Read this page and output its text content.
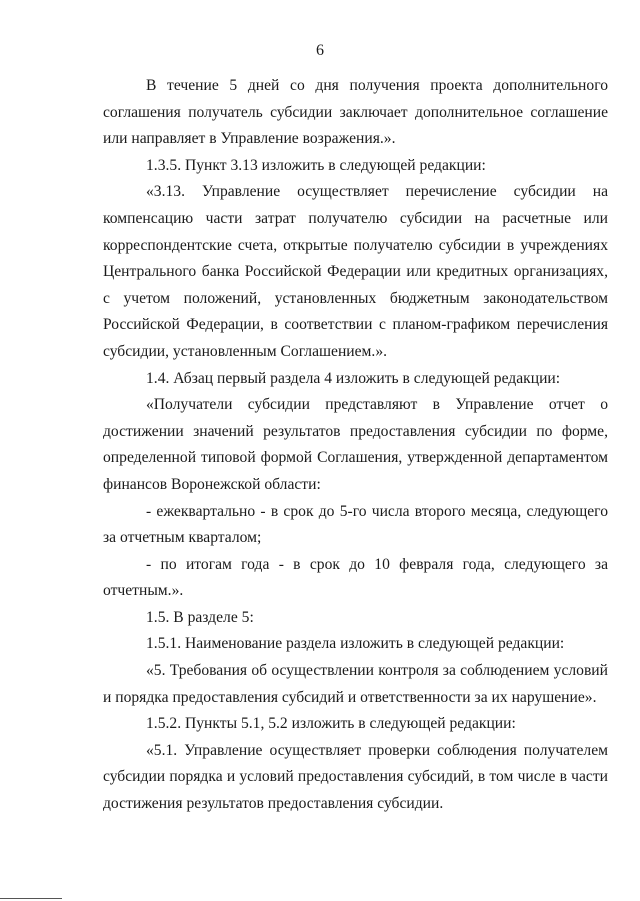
6

В течение 5 дней со дня получения проекта дополнительного соглашения получатель субсидии заключает дополнительное соглашение или направляет в Управление возражения.».

1.3.5. Пункт 3.13 изложить в следующей редакции:

«3.13. Управление осуществляет перечисление субсидии на компенсацию части затрат получателю субсидии на расчетные или корреспондентские счета, открытые получателю субсидии в учреждениях Центрального банка Российской Федерации или кредитных организациях, с учетом положений, установленных бюджетным законодательством Российской Федерации, в соответствии с планом-графиком перечисления субсидии, установленным Соглашением.».

1.4. Абзац первый раздела 4 изложить в следующей редакции:

«Получатели субсидии представляют в Управление отчет о достижении значений результатов предоставления субсидии по форме, определенной типовой формой Соглашения, утвержденной департаментом финансов Воронежской области:

- ежеквартально - в срок до 5-го числа второго месяца, следующего за отчетным кварталом;

- по итогам года - в срок до 10 февраля года, следующего за отчетным.».

1.5. В разделе 5:

1.5.1. Наименование раздела изложить в следующей редакции:

«5. Требования об осуществлении контроля за соблюдением условий и порядка предоставления субсидий и ответственности за их нарушение».

1.5.2. Пункты 5.1, 5.2 изложить в следующей редакции:

«5.1. Управление осуществляет проверки соблюдения получателем субсидии порядка и условий предоставления субсидий, в том числе в части достижения результатов предоставления субсидии.
